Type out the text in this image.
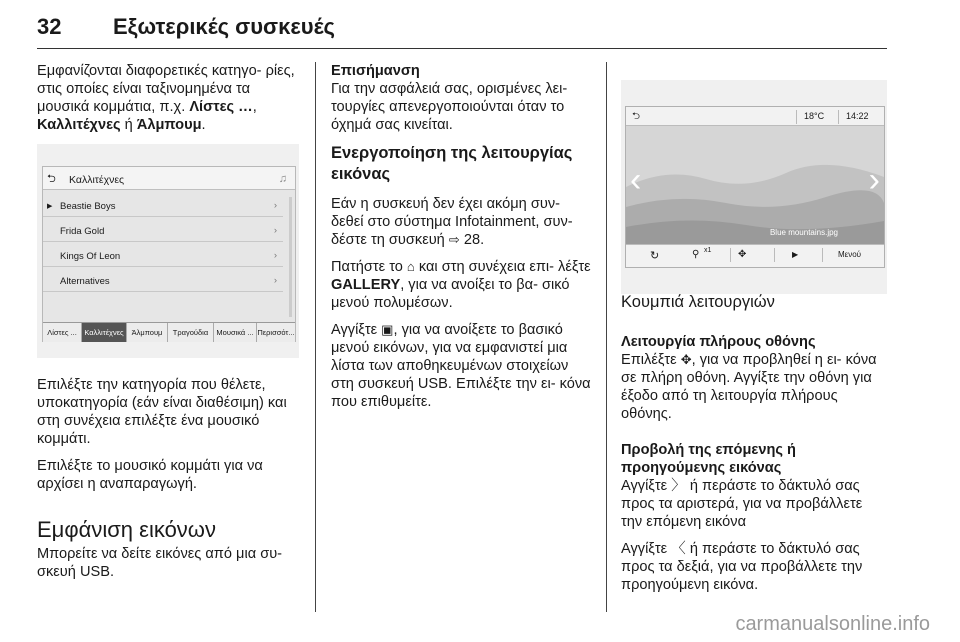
32 Εξωτερικές συσκευές

Εμφανίζονται διαφορετικές κατηγο- ρίες, στις οποίες είναι ταξινομημένα τα μουσικά κομμάτια, π.χ. Λίστες …, Καλλιτέχνες ή Άλμπουμ.

⮌ Καλλιτέχνες	♫
▶ Beastie Boys	›
Frida Gold	›
Kings Of Leon	›
Alternatives	›
Λίστες ...	Καλλιτέχνες	Άλμπουμ	Τραγούδια	Μουσικά ... Περισσότ...

Επιλέξτε την κατηγορία που θέλετε, υποκατηγορία (εάν είναι διαθέσιμη) και στη συνέχεια επιλέξτε ένα μουσικό κομμάτι.

Επιλέξτε το μουσικό κομμάτι για να αρχίσει η αναπαραγωγή.

Εμφάνιση εικόνων

Μπορείτε να δείτε εικόνες από μια συ- σκευή USB.

Επισήμανση

Για την ασφάλειά σας, ορισμένες λει- τουργίες απενεργοποιούνται όταν το όχημά σας κινείται.

Ενεργοποίηση της λειτουργίας εικόνας

Εάν η συσκευή δεν έχει ακόμη συν- δεθεί στο σύστημα Infotainment, συν- δέστε τη συσκευή ⇨ 28.

Πατήστε το ⌂ και στη συνέχεια επι- λέξτε GALLERY, για να ανοίξει το βα- σικό μενού πολυμέσων.

Αγγίξτε ▣, για να ανοίξετε το βασικό μενού εικόνων, για να εμφανιστεί μια λίστα των αποθηκευμένων στοιχείων στη συσκευή USB. Επιλέξτε την ει- κόνα που επιθυμείτε.

⮌	18°C 14:22
‹	›
Blue mountains.jpg
↻	⚲ x1	✥	▶	Μενού
Κουμπιά λειτουργιών
Λειτουργία πλήρους οθόνης

Επιλέξτε ✥, για να προβληθεί η ει- κόνα σε πλήρη οθόνη. Αγγίξτε την οθόνη για έξοδο από τη λειτουργία πλήρους οθόνης.

Προβολή της επόμενης ή προηγούμενης εικόνας

Αγγίξτε 〉 ή περάστε το δάκτυλό σας προς τα αριστερά, για να προβάλλετε την επόμενη εικόνα

Αγγίξτε 〈 ή περάστε το δάκτυλό σας προς τα δεξιά, για να προβάλλετε την προηγούμενη εικόνα.

carmanualsonline.info
